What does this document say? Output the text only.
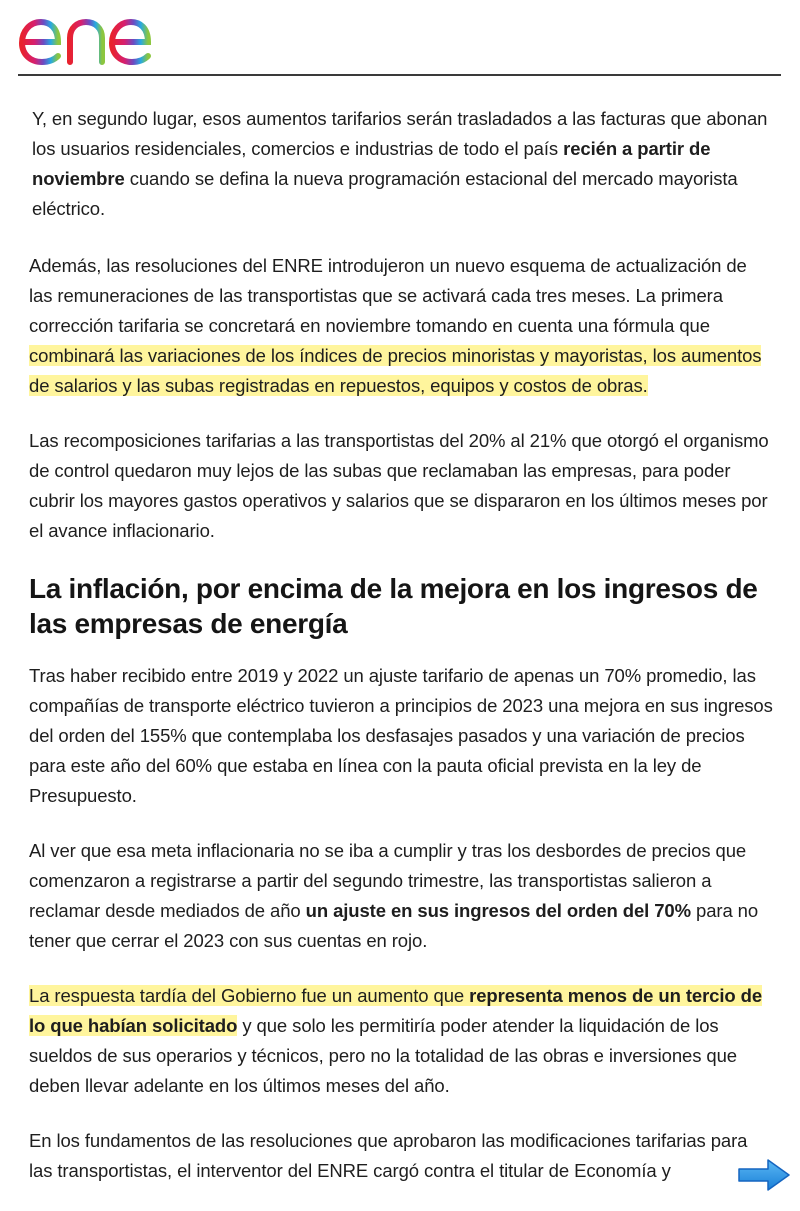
Y, en segundo lugar, esos aumentos tarifarios serán trasladados a las facturas que abonan los usuarios residenciales, comercios e industrias de todo el país recién a partir de noviembre cuando se defina la nueva programación estacional del mercado mayorista eléctrico.

Además, las resoluciones del ENRE introdujeron un nuevo esquema de actualización de las remuneraciones de las transportistas que se activará cada tres meses. La primera corrección tarifaria se concretará en noviembre tomando en cuenta una fórmula que combinará las variaciones de los índices de precios minoristas y mayoristas, los aumentos de salarios y las subas registradas en repuestos, equipos y costos de obras.

Las recomposiciones tarifarias a las transportistas del 20% al 21% que otorgó el organismo de control quedaron muy lejos de las subas que reclamaban las empresas, para poder cubrir los mayores gastos operativos y salarios que se dispararon en los últimos meses por el avance inflacionario.

La inflación, por encima de la mejora en los ingresos de las empresas de energía

Tras haber recibido entre 2019 y 2022 un ajuste tarifario de apenas un 70% promedio, las compañías de transporte eléctrico tuvieron a principios de 2023 una mejora en sus ingresos del orden del 155% que contemplaba los desfasajes pasados y una variación de precios para este año del 60% que estaba en línea con la pauta oficial prevista en la ley de Presupuesto.

Al ver que esa meta inflacionaria no se iba a cumplir y tras los desbordes de precios que comenzaron a registrarse a partir del segundo trimestre, las transportistas salieron a reclamar desde mediados de año un ajuste en sus ingresos del orden del 70% para no tener que cerrar el 2023 con sus cuentas en rojo.

La respuesta tardía del Gobierno fue un aumento que representa menos de un tercio de lo que habían solicitado y que solo les permitiría poder atender la liquidación de los sueldos de sus operarios y técnicos, pero no la totalidad de las obras e inversiones que deben llevar adelante en los últimos meses del año.

En los fundamentos de las resoluciones que aprobaron las modificaciones tarifarias para las transportistas, el interventor del ENRE cargó contra el titular de Economía y
